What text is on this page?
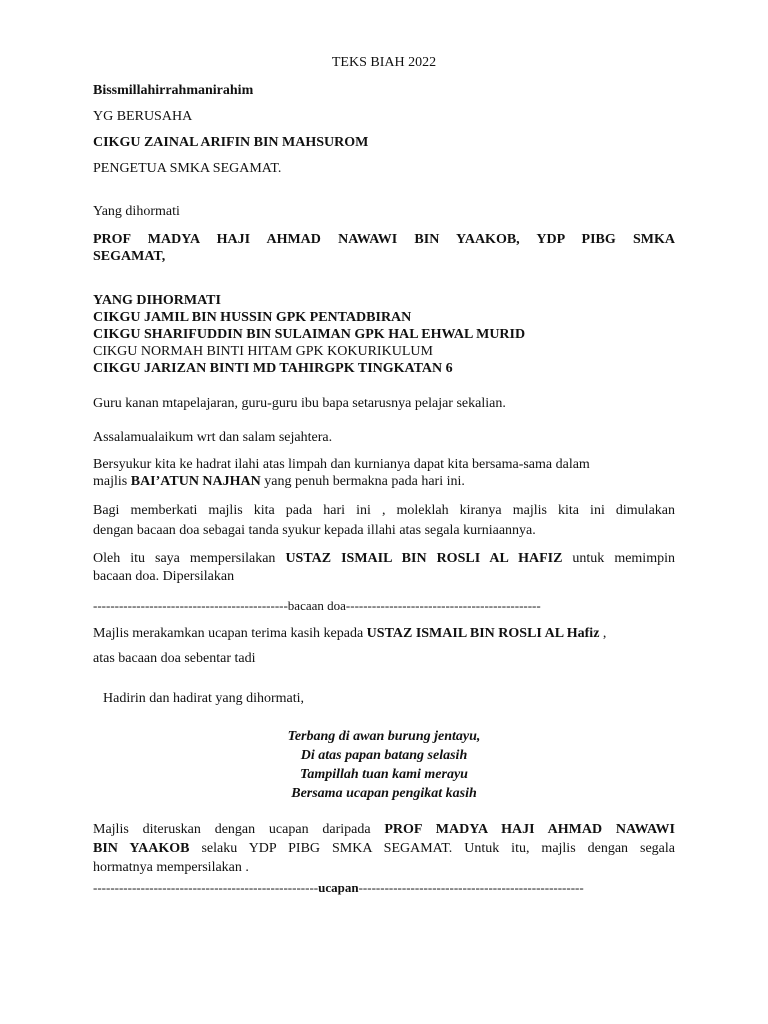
TEKS BIAH 2022
Bissmillahirrahmanirahim
YG BERUSAHA
CIKGU ZAINAL ARIFIN BIN MAHSUROM
PENGETUA SMKA SEGAMAT.
Yang dihormati
PROF MADYA HAJI AHMAD NAWAWI BIN YAAKOB, YDP PIBG SMKA
SEGAMAT,
YANG DIHORMATI
CIKGU JAMIL BIN HUSSIN GPK PENTADBIRAN
CIKGU SHARIFUDDIN BIN SULAIMAN GPK HAL EHWAL MURID
CIKGU NORMAH BINTI HITAM GPK KOKURIKULUM
CIKGU JARIZAN BINTI MD TAHIRGPK TINGKATAN 6
Guru kanan mtapelajaran, guru-guru ibu bapa setarusnya pelajar sekalian.
Assalamualaikum wrt dan salam sejahtera.
Bersyukur kita ke hadrat ilahi atas limpah dan kurnianya dapat kita bersama-sama dalam
majlis BAI’ATUN NAJHAN yang penuh bermakna pada hari ini.
Bagi memberkati majlis kita pada hari ini , moleklah kiranya majlis kita ini dimulakan
dengan bacaan doa sebagai tanda syukur kepada illahi atas segala kurniaannya.
Oleh itu saya mempersilakan USTAZ ISMAIL BIN ROSLI AL HAFIZ untuk memimpin
bacaan doa. Dipersilakan
---------------------------------------------bacaan doa---------------------------------------------
Majlis merakamkan ucapan terima kasih kepada USTAZ ISMAIL BIN ROSLI AL Hafiz ,
atas bacaan doa sebentar tadi
Hadirin dan hadirat yang dihormati,
Terbang di awan burung jentayu,
Di atas papan batang selasih
Tampillah tuan kami merayu
Bersama ucapan pengikat kasih
Majlis diteruskan dengan ucapan daripada PROF MADYA HAJI AHMAD NAWAWI
BIN YAAKOB selaku YDP PIBG SMKA SEGAMAT. Untuk itu, majlis dengan segala
hormatnya mempersilakan .
----------------------------------------------------ucapan----------------------------------------------------
